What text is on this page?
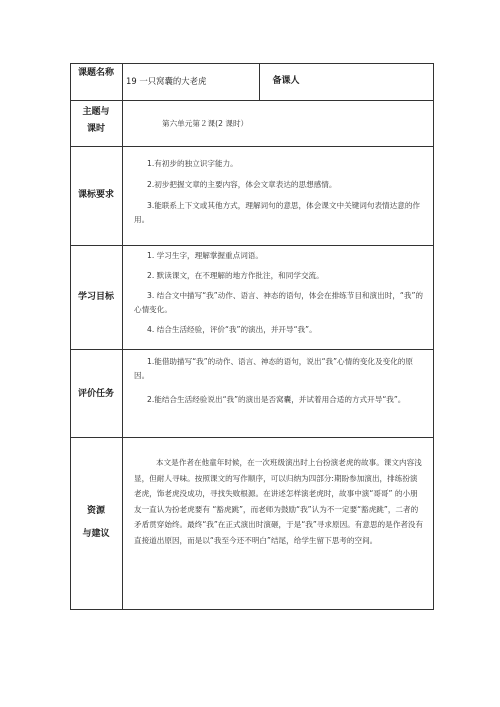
课题名称
19 一只窝囊的大老虎	备课人
主题与
课时
第六单元第２课(2 课时）
课标要求

1.有初步的独立识字能力。

2.初步把握文章的主要内容，体会文章表达的思想感情。

3.能联系上下文或其他方式，理解词句的意思，体会课文中关键词句表情达意的作用。

学习目标

1. 学习生字，理解掌握重点词语。

2. 默读课文，在不理解的地方作批注，和同学交流。

3. 结合文中描写“我”动作、语言、神态的语句，体会在排练节目和演出时，“我”的心情变化。

4. 结合生活经验，评价“我”的演出，并开导“我”。

评价任务

1.能借助描写“我”的动作、语言、神态的语句，说出“我”心情的变化及变化的原因。

2.能结合生活经验说出“我”的演出是否窝囊，并试着用合适的方式开导“我”。

资源
与建议

本文是作者在他童年时候，在一次班级演出时上台扮演老虎的故事。课文内容浅显，但耐人寻味。按照课文的写作顺序，可以归纳为四部分:期盼参加演出，排练扮演老虎，饰老虎没成功，寻找失败根源。在讲述怎样演老虎时，故事中演“哥哥” 的小朋友一直认为扮老虎要有 “豁虎跳”，而老师为鼓励“我”认为不一定要“豁虎跳”，二者的矛盾贯穿始终。最终“我”在正式演出时演砸，于是“我”寻求原因。有意思的是作者没有直接道出原因，而是以“我至今还不明白”结尾，给学生留下思考的空间。
